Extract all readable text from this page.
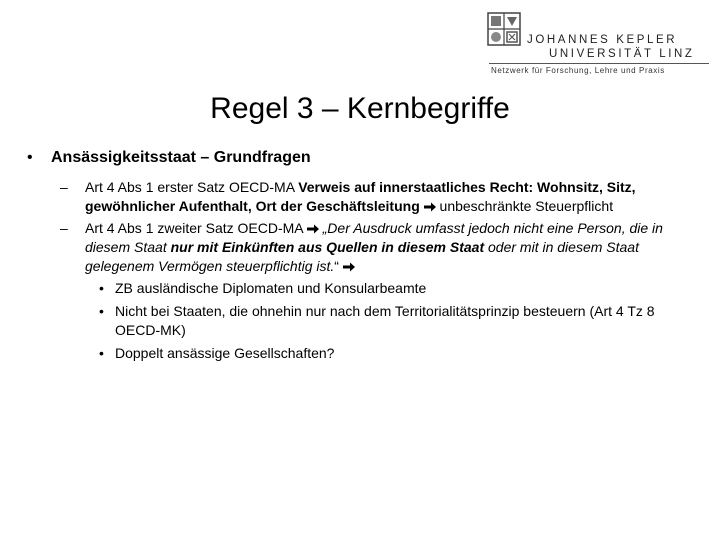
JOHANNES KEPLER
UNIVERSITÄT LINZ
Netzwerk für Forschung, Lehre und Praxis
Regel 3 – Kernbegriffe
• Ansässigkeitsstaat – Grundfragen
– Art 4 Abs 1 erster Satz OECD-MA Verweis auf innerstaatliches Recht: Wohnsitz, Sitz, gewöhnlicher Aufenthalt, Ort der Geschäftsleitung  unbeschränkte Steuerpflicht
– Art 4 Abs 1 zweiter Satz OECD-MA  „Der Ausdruck umfasst jedoch nicht eine Person, die in diesem Staat nur mit Einkünften aus Quellen in diesem Staat oder mit in diesem Staat gelegenem Vermögen steuerpflichtig ist.“
• ZB ausländische Diplomaten und Konsularbeamte
• Nicht bei Staaten, die ohnehin nur nach dem Territorialitätsprinzip besteuern (Art 4 Tz 8 OECD-MK)
• Doppelt ansässige Gesellschaften?
